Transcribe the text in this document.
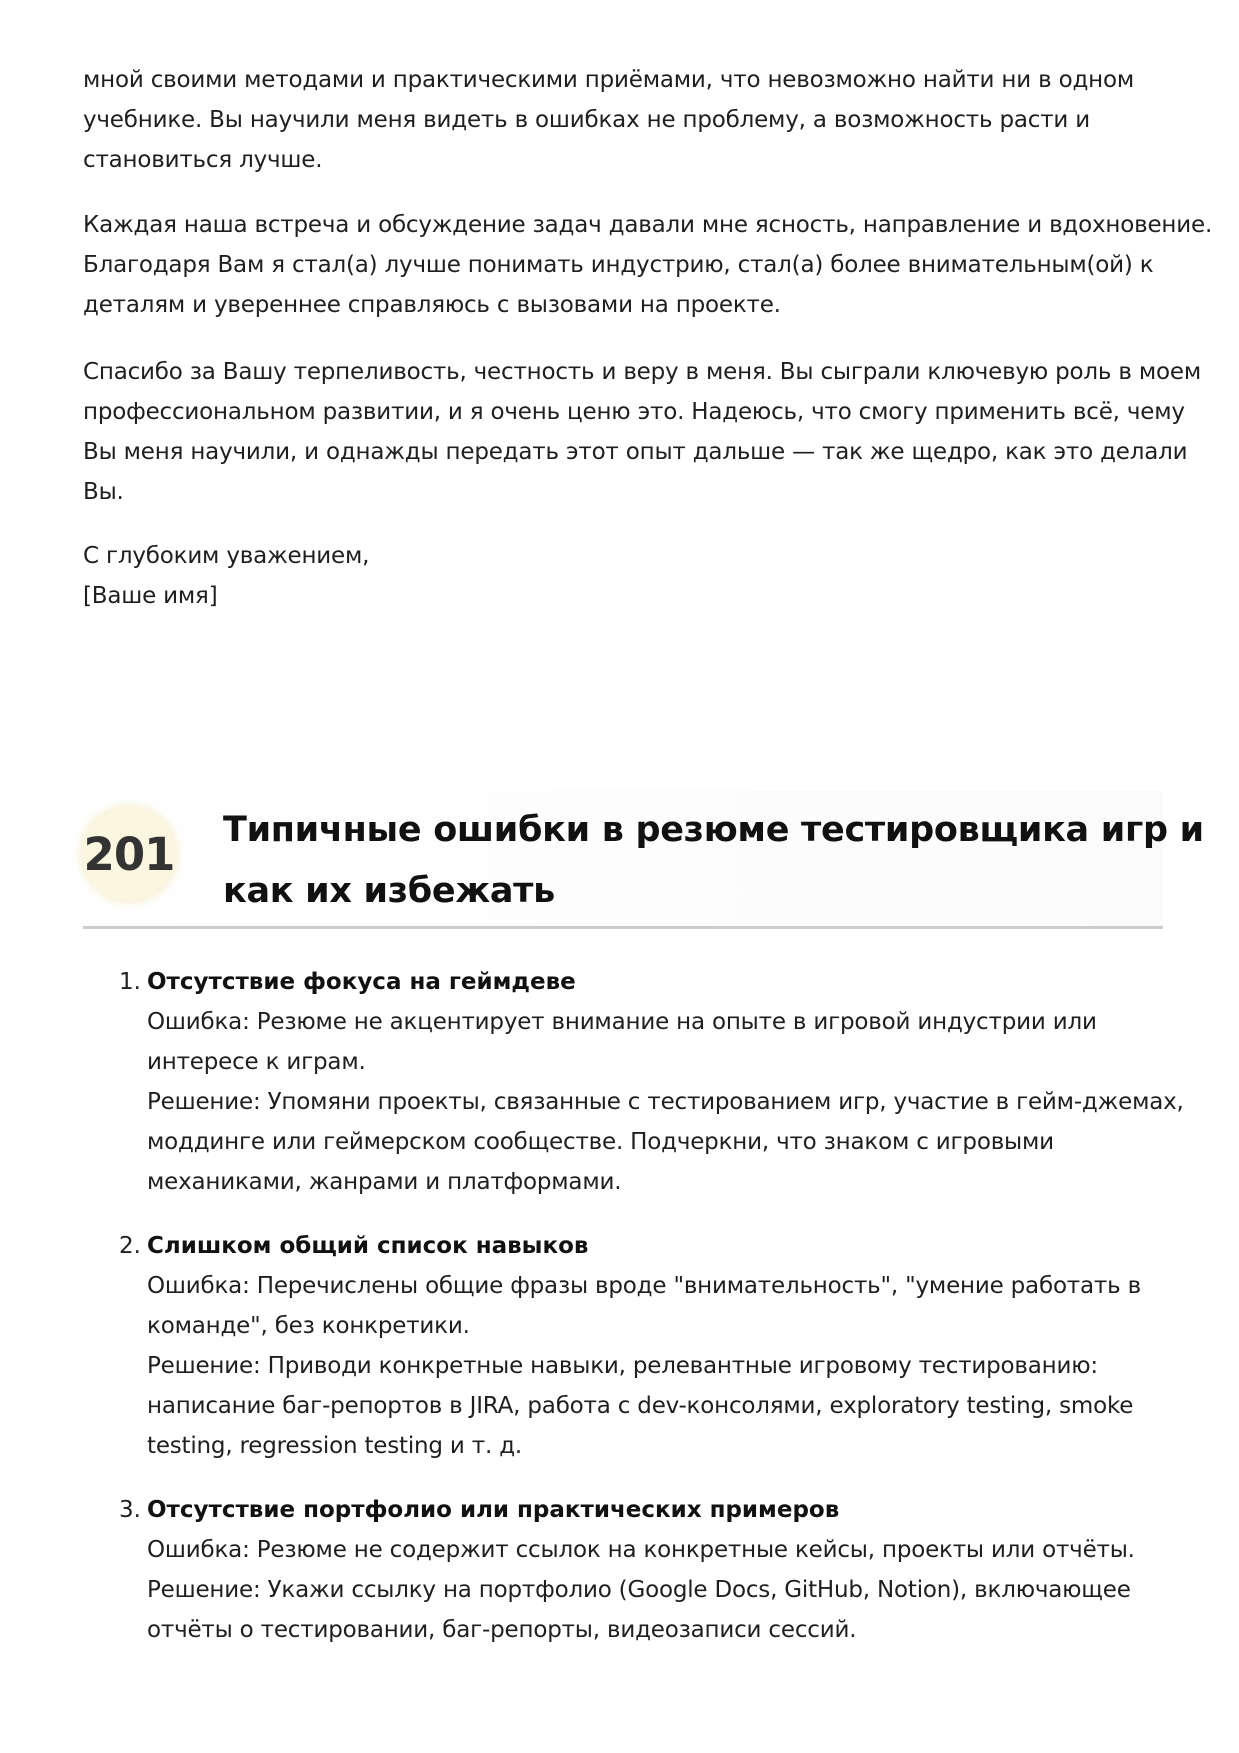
мной своими методами и практическими приёмами, что невозможно найти ни в одном
учебнике. Вы научили меня видеть в ошибках не проблему, а возможность расти и
становиться лучше.

Каждая наша встреча и обсуждение задач давали мне ясность, направление и вдохновение.
Благодаря Вам я стал(а) лучше понимать индустрию, стал(а) более внимательным(ой) к
деталям и увереннее справляюсь с вызовами на проекте.

Спасибо за Вашу терпеливость, честность и веру в меня. Вы сыграли ключевую роль в моем
профессиональном развитии, и я очень ценю это. Надеюсь, что смогу применить всё, чему
Вы меня научили, и однажды передать этот опыт дальше — так же щедро, как это делали
Вы.

С глубоким уважением,
[Ваше имя]

201 Типичные ошибки в резюме тестировщика игр и
как их избежать
1. Отсутствие фокуса на геймдеве
Ошибка: Резюме не акцентирует внимание на опыте в игровой индустрии или
интересе к играм.
Решение: Упомяни проекты, связанные с тестированием игр, участие в гейм-джемах,
моддинге или геймерском сообществе. Подчеркни, что знаком с игровыми
механиками, жанрами и платформами.
2. Слишком общий список навыков
Ошибка: Перечислены общие фразы вроде "внимательность", "умение работать в
команде", без конкретики.
Решение: Приводи конкретные навыки, релевантные игровому тестированию:
написание баг-репортов в JIRA, работа с dev-консолями, exploratory testing, smoke
testing, regression testing и т. д.
3. Отсутствие портфолио или практических примеров
Ошибка: Резюме не содержит ссылок на конкретные кейсы, проекты или отчёты.
Решение: Укажи ссылку на портфолио (Google Docs, GitHub, Notion), включающее
отчёты о тестировании, баг-репорты, видеозаписи сессий.
